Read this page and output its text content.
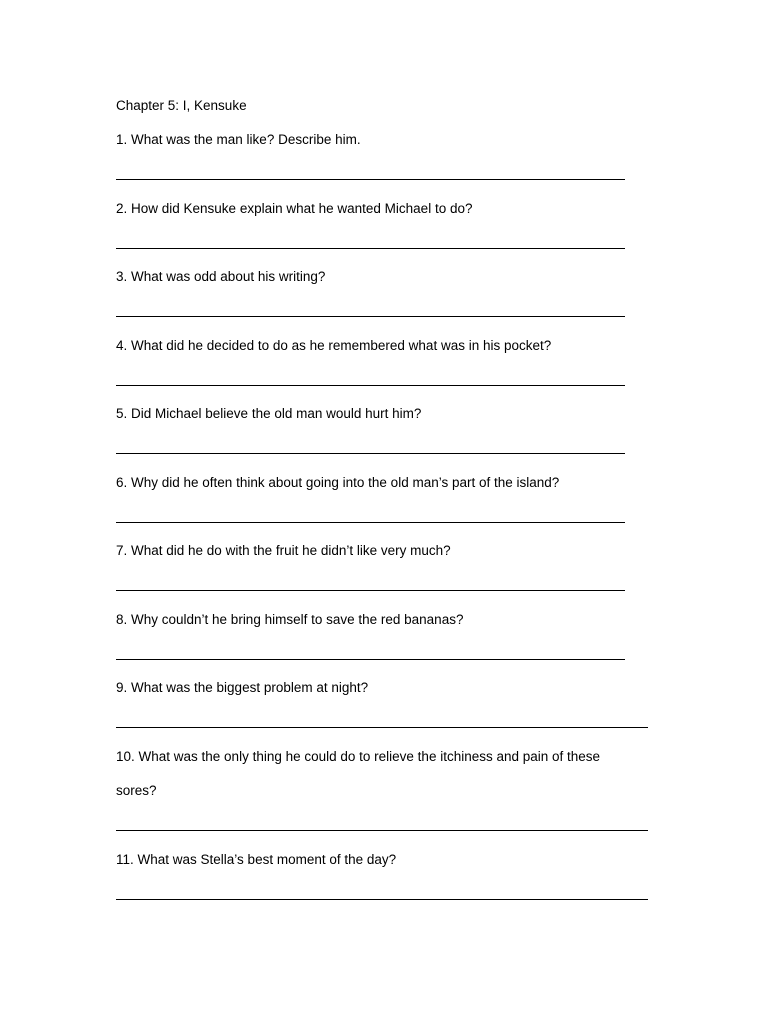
Chapter 5: I, Kensuke
1. What was the man like? Describe him.
2. How did Kensuke explain what he wanted Michael to do?
3. What was odd about his writing?
4. What did he decided to do as he remembered what was in his pocket?
5. Did Michael believe the old man would hurt him?
6. Why did he often think about going into the old man’s part of the island?
7. What did he do with the fruit he didn’t like very much?
8. Why couldn’t he bring himself to save the red bananas?
9. What was the biggest problem at night?
10. What was the only thing he could do to relieve the itchiness and pain of these
sores?
11. What was Stella’s best moment of the day?
